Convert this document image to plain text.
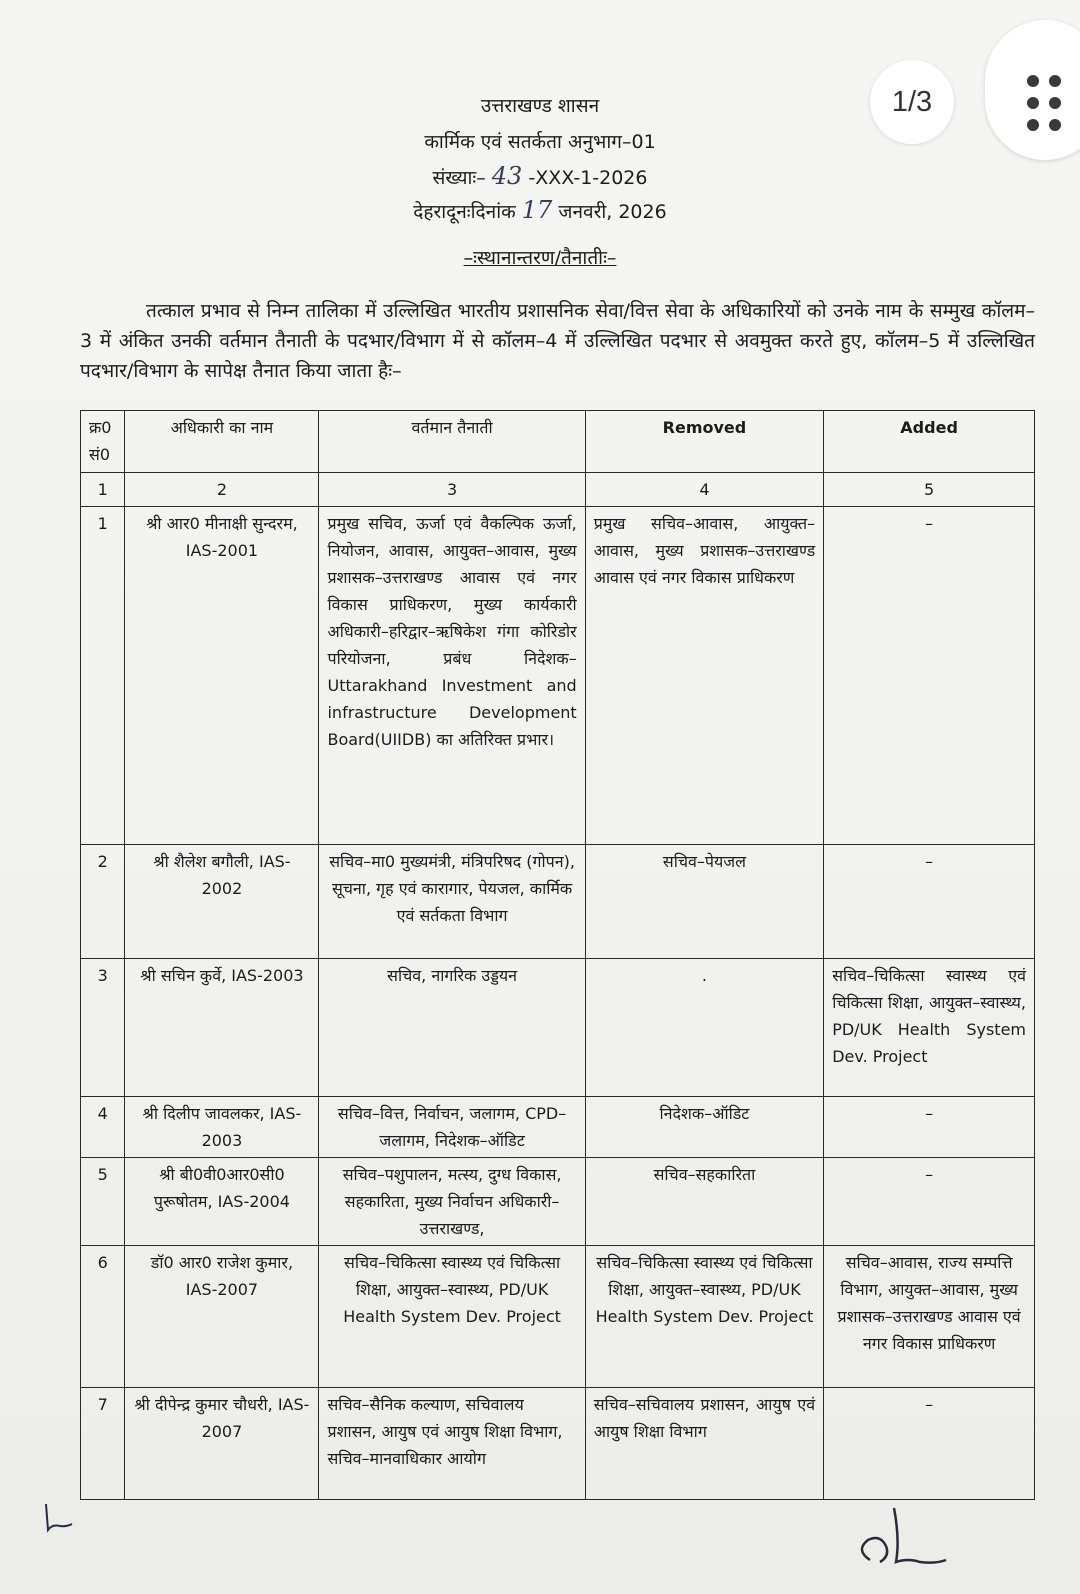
1/3
उत्तराखण्ड शासन
कार्मिक एवं सतर्कता अनुभाग–01
संख्याः– 43 -XXX-1-2026
देहरादूनःदिनांक 17 जनवरी, 2026
–ःस्थानान्तरण/तैनातीः–
तत्काल प्रभाव से निम्न तालिका में उल्लिखित भारतीय प्रशासनिक सेवा/वित्त सेवा के अधिकारियों को उनके नाम के सम्मुख कॉलम–3 में अंकित उनकी वर्तमान तैनाती के पदभार/विभाग में से कॉलम–4 में उल्लिखित पदभार से अवमुक्त करते हुए, कॉलम–5 में उल्लिखित पदभार/विभाग के सापेक्ष तैनात किया जाता हैः–
क्र0 सं0	अधिकारी का नाम	वर्तमान तैनाती	Removed	Added
1	2	3	4	5
1	श्री आर0 मीनाक्षी सुन्दरम, IAS-2001	प्रमुख सचिव, ऊर्जा एवं वैकल्पिक ऊर्जा, नियोजन, आवास, आयुक्त–आवास, मुख्य प्रशासक–उत्तराखण्ड आवास एवं नगर विकास प्राधिकरण, मुख्य कार्यकारी अधिकारी–हरिद्वार–ऋषिकेश गंगा कोरिडोर परियोजना, प्रबंध निदेशक– Uttarakhand Investment and infrastructure Development Board(UIIDB) का अतिरिक्त प्रभार।	प्रमुख सचिव–आवास, आयुक्त–आवास, मुख्य प्रशासक–उत्तराखण्ड आवास एवं नगर विकास प्राधिकरण	–
2	श्री शैलेश बगौली, IAS-2002	सचिव–मा0 मुख्यमंत्री, मंत्रिपरिषद (गोपन), सूचना, गृह एवं कारागार, पेयजल, कार्मिक एवं सर्तकता विभाग	सचिव–पेयजल	–
3	श्री सचिन कुर्वे, IAS-2003	सचिव, नागरिक उड्डयन	.	सचिव–चिकित्सा स्वास्थ्य एवं चिकित्सा शिक्षा, आयुक्त–स्वास्थ्य, PD/UK Health System Dev. Project
4	श्री दिलीप जावलकर, IAS-2003	सचिव–वित्त, निर्वाचन, जलागम, CPD–जलागम, निदेशक–ऑडिट	निदेशक–ऑडिट	–
5	श्री बी0वी0आर0सी0 पुरूषोतम, IAS-2004	सचिव–पशुपालन, मत्स्य, दुग्ध विकास, सहकारिता, मुख्य निर्वाचन अधिकारी– उत्तराखण्ड,	सचिव–सहकारिता	–
6	डॉ0 आर0 राजेश कुमार, IAS-2007	सचिव–चिकित्सा स्वास्थ्य एवं चिकित्सा शिक्षा, आयुक्त–स्वास्थ्य, PD/UK Health System Dev. Project	सचिव–चिकित्सा स्वास्थ्य एवं चिकित्सा शिक्षा, आयुक्त–स्वास्थ्य, PD/UK Health System Dev. Project	सचिव–आवास, राज्य सम्पत्ति विभाग, आयुक्त–आवास, मुख्य प्रशासक–उत्तराखण्ड आवास एवं नगर विकास प्राधिकरण
7	श्री दीपेन्द्र कुमार चौधरी, IAS-2007	सचिव–सैनिक कल्याण, सचिवालय प्रशासन, आयुष एवं आयुष शिक्षा विभाग, सचिव–मानवाधिकार आयोग	सचिव–सचिवालय प्रशासन, आयुष एवं आयुष शिक्षा विभाग	–
